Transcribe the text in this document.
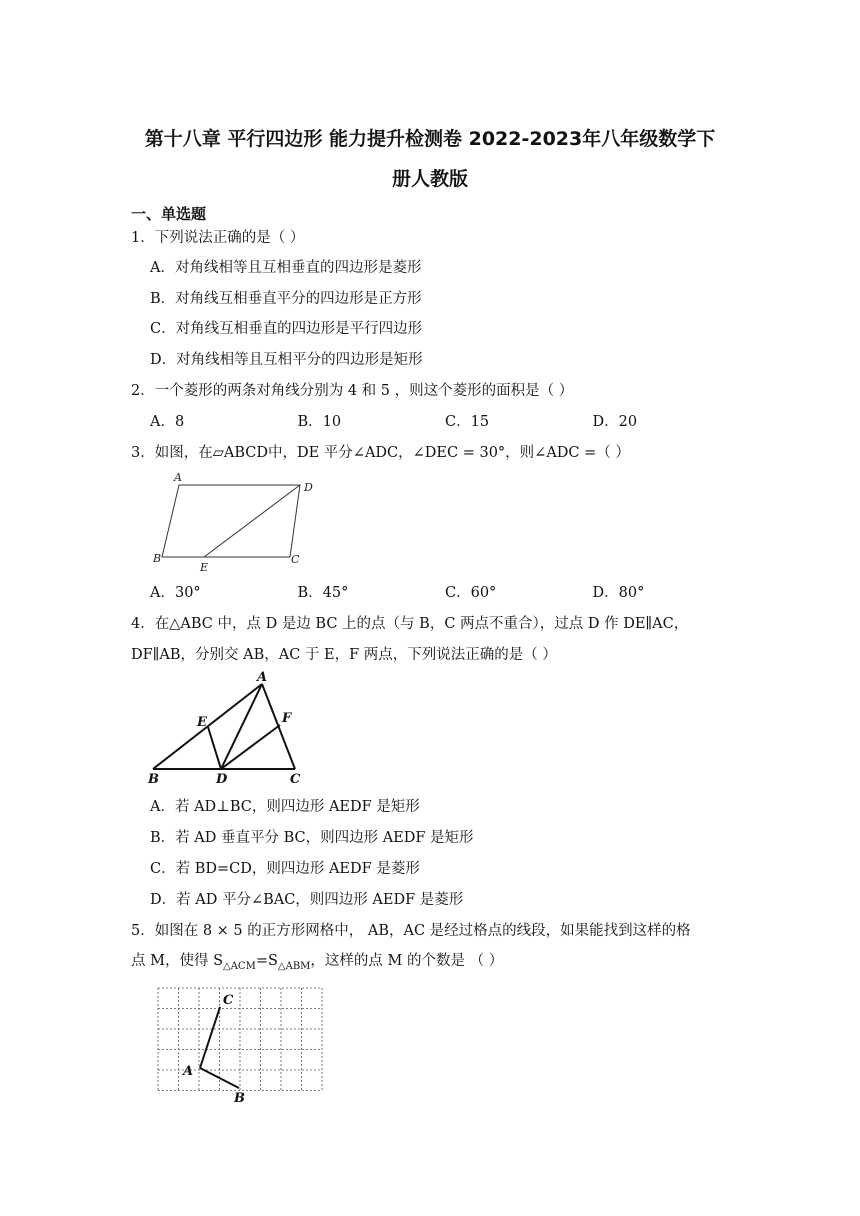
第十八章 平行四边形 能力提升检测卷 2022-2023年八年级数学下
册人教版
一、单选题
1．下列说法正确的是（ ）
A．对角线相等且互相垂直的四边形是菱形
B．对角线互相垂直平分的四边形是正方形
C．对角线互相垂直的四边形是平行四边形
D．对角线相等且互相平分的四边形是矩形
2．一个菱形的两条对角线分别为 4 和 5 ，则这个菱形的面积是（ ）
A．8	B．10	C．15	D．20
3．如图，在▱ABCD中，DE 平分∠ADC，∠DEC = 30°，则∠ADC =（ ）
A
D
B
E
C
A．30°	B．45°	C．60°	D．80°
4．在△ABC 中，点 D 是边 BC 上的点（与 B，C 两点不重合），过点 D 作 DE∥AC，
DF∥AB，分别交 AB，AC 于 E，F 两点，下列说法正确的是（ ）
A
E	F
B	D	C
A．若 AD⊥BC，则四边形 AEDF 是矩形
B．若 AD 垂直平分 BC，则四边形 AEDF 是矩形
C．若 BD=CD，则四边形 AEDF 是菱形
D．若 AD 平分∠BAC，则四边形 AEDF 是菱形
5．如图在 8 × 5 的正方形网格中， AB，AC 是经过格点的线段，如果能找到这样的格
点 M，使得 $S_{\triangle ACM}=S_{\triangle ABM}$，这样的点 M 的个数是 （ ）
C
A
B
